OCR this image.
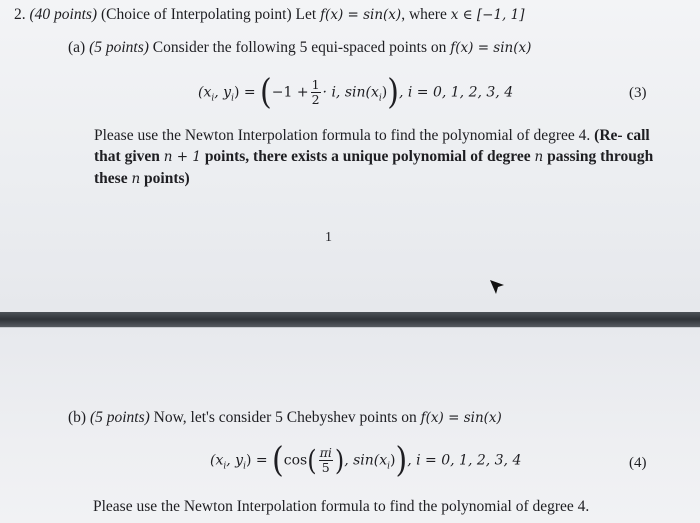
2. (40 points) (Choice of Interpolating point) Let f(x) = sin(x), where x ∈ [−1, 1]
(a) (5 points) Consider the following 5 equi-spaced points on f(x) = sin(x)
($x_i$, $y_i) = (-1 + \frac{1}{2} \cdot i$, $\sin(x_i)$), i = 0, 1, 2, 3, 4	(3)
Please use the Newton Interpolation formula to find the polynomial of degree 4. (Re- call that given n + 1 points, there exists a unique polynomial of degree n passing through these n points)
1
(b) (5 points) Now, let's consider 5 Chebyshev points on f(x) = sin(x)
($x_i$, $y_i) = (\cos( \frac{\pi i}{5}$ ), $\sin(x_i)$), i = 0, 1, 2, 3, 4	(4)
Please use the Newton Interpolation formula to find the polynomial of degree 4.
